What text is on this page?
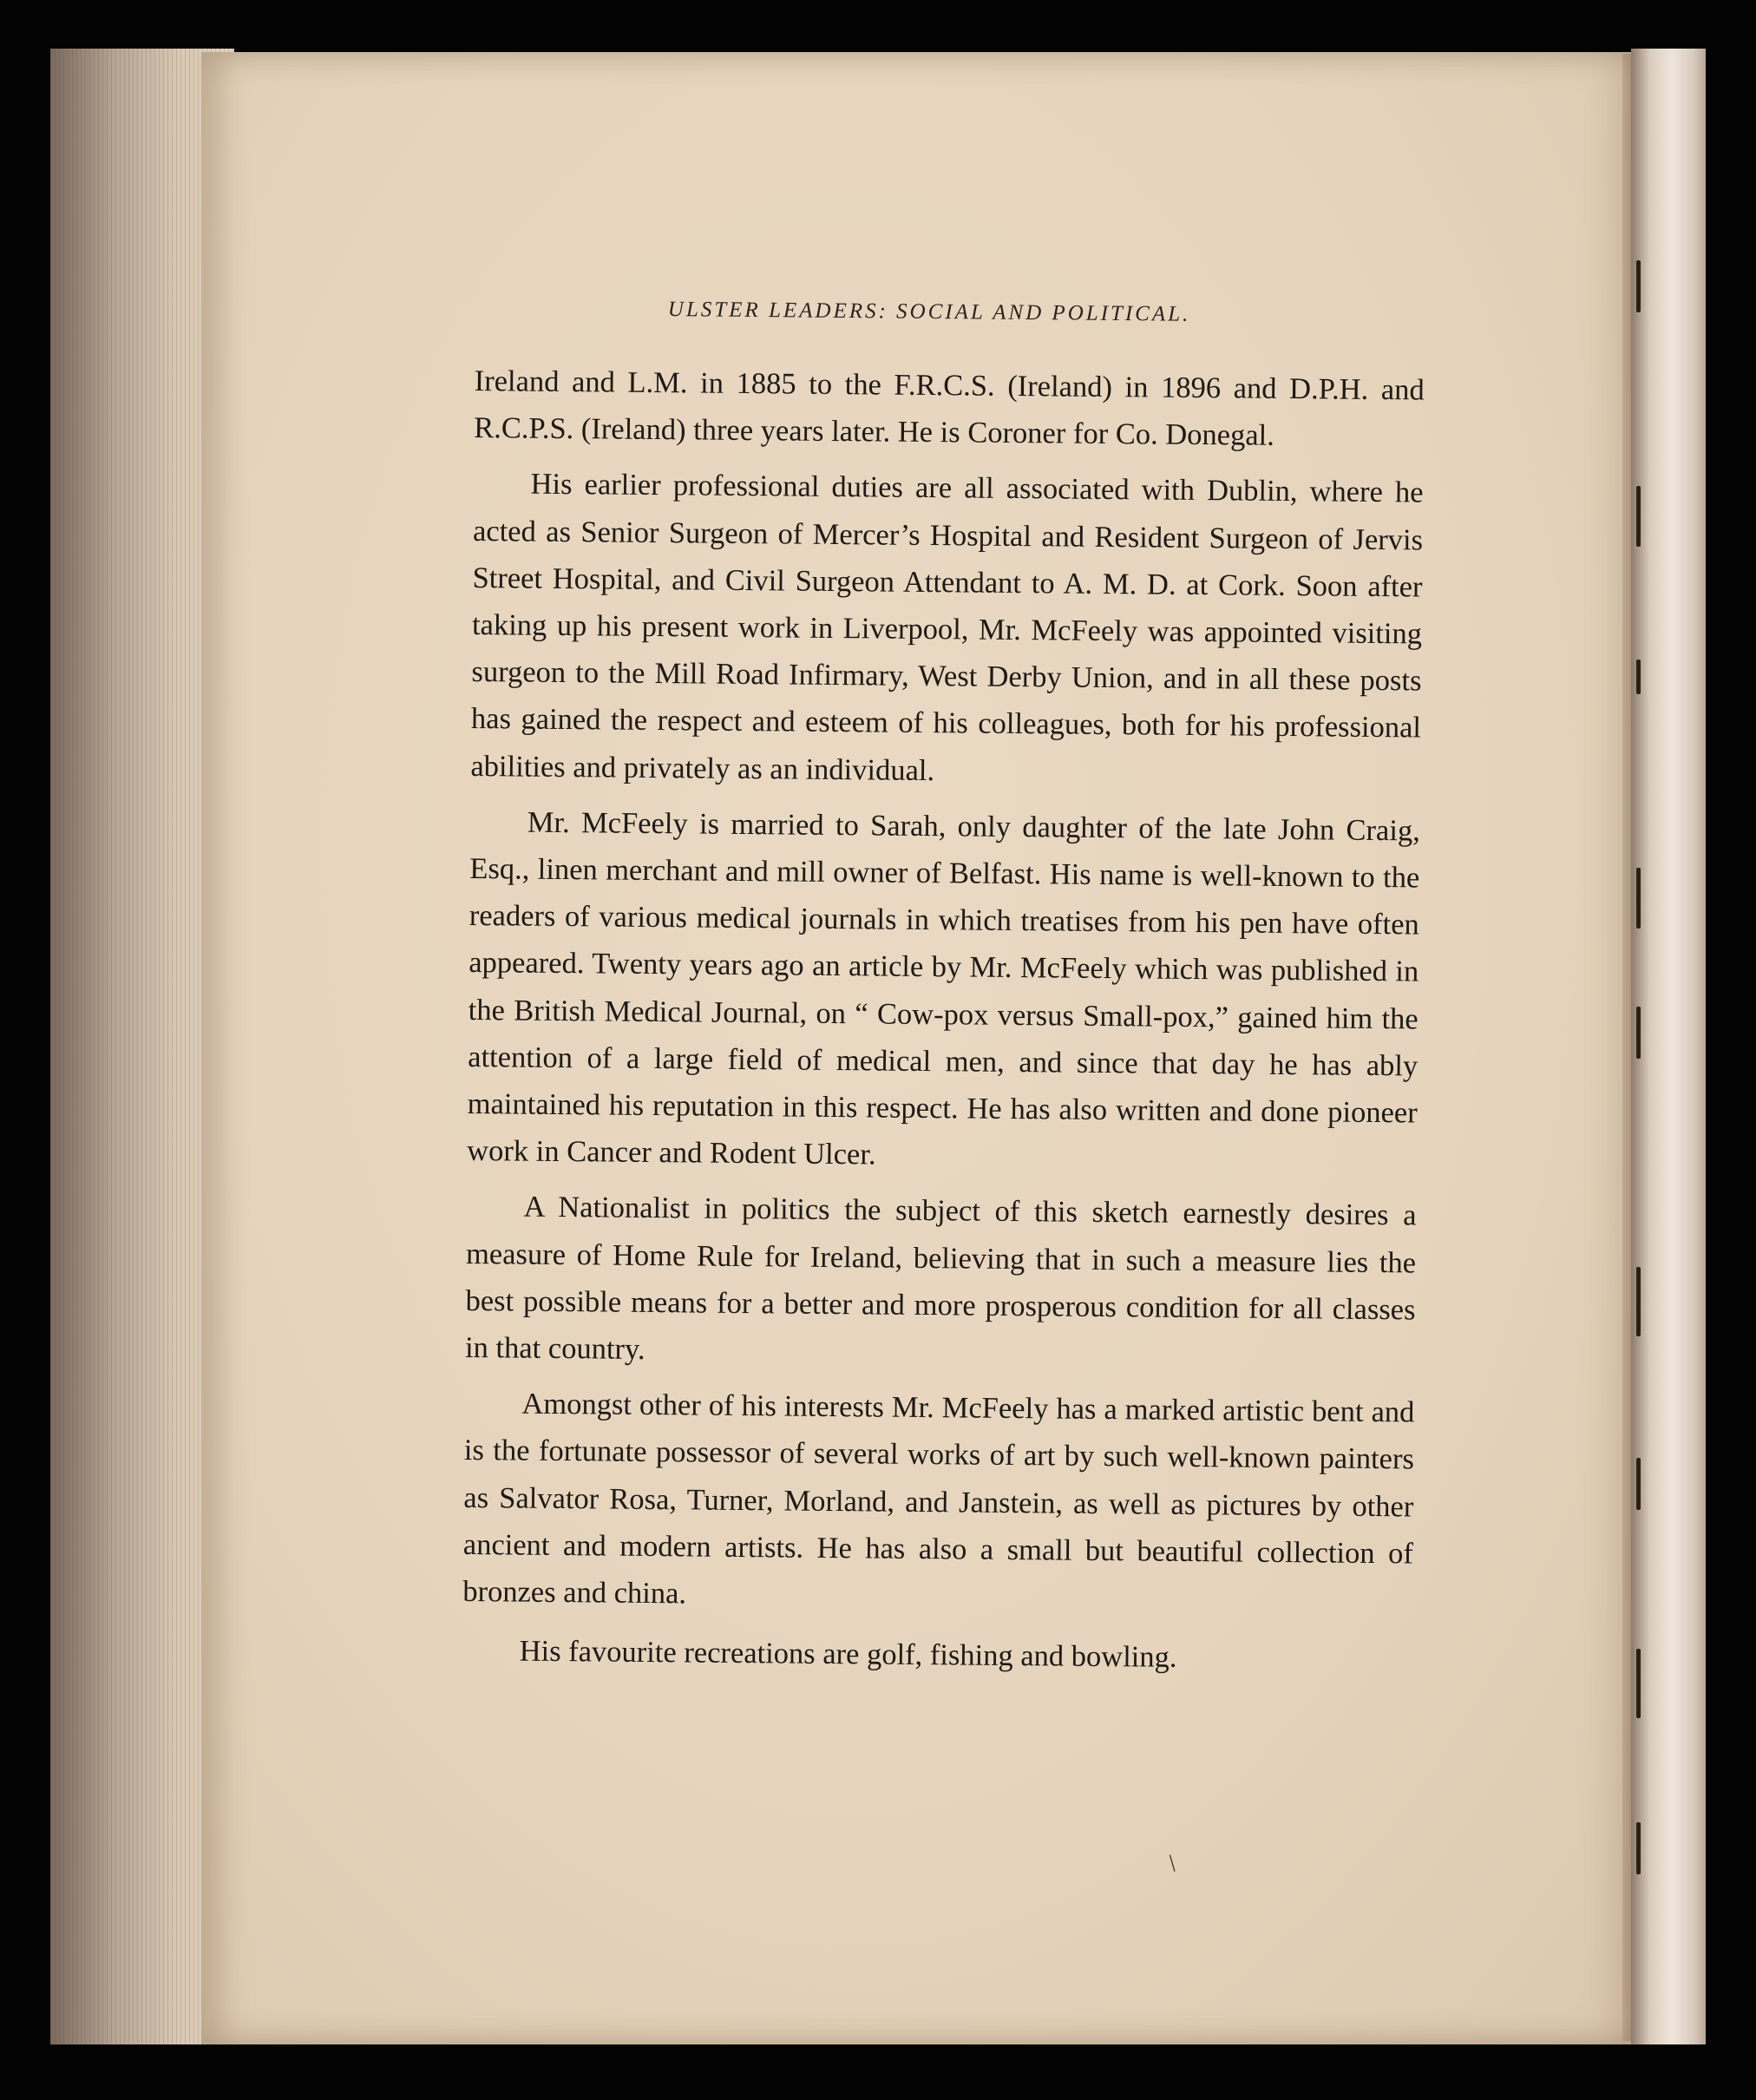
ULSTER LEADERS: SOCIAL AND POLITICAL.

Ireland and L.M. in 1885 to the F.R.C.S. (Ireland) in 1896 and D.P.H. and R.C.P.S. (Ireland) three years later. He is Coroner for Co. Donegal.

His earlier professional duties are all associated with Dublin, where he acted as Senior Surgeon of Mercer’s Hospital and Resident Surgeon of Jervis Street Hospital, and Civil Surgeon Attendant to A. M. D. at Cork. Soon after taking up his present work in Liverpool, Mr. McFeely was appointed visiting surgeon to the Mill Road Infirmary, West Derby Union, and in all these posts has gained the respect and esteem of his colleagues, both for his professional abilities and privately as an individual.

Mr. McFeely is married to Sarah, only daughter of the late John Craig, Esq., linen merchant and mill owner of Belfast. His name is well-known to the readers of various medical journals in which treatises from his pen have often appeared. Twenty years ago an article by Mr. McFeely which was published in the British Medical Journal, on “ Cow-pox versus Small-pox,” gained him the attention of a large field of medical men, and since that day he has ably maintained his reputation in this respect. He has also written and done pioneer work in Cancer and Rodent Ulcer.

A Nationalist in politics the subject of this sketch earnestly desires a measure of Home Rule for Ireland, believing that in such a measure lies the best possible means for a better and more prosperous condition for all classes in that country.

Amongst other of his interests Mr. McFeely has a marked artistic bent and is the fortunate possessor of several works of art by such well-known painters as Salvator Rosa, Turner, Morland, and Janstein, as well as pictures by other ancient and modern artists. He has also a small but beautiful collection of bronzes and china.

His favourite recreations are golf, fishing and bowling.

/
